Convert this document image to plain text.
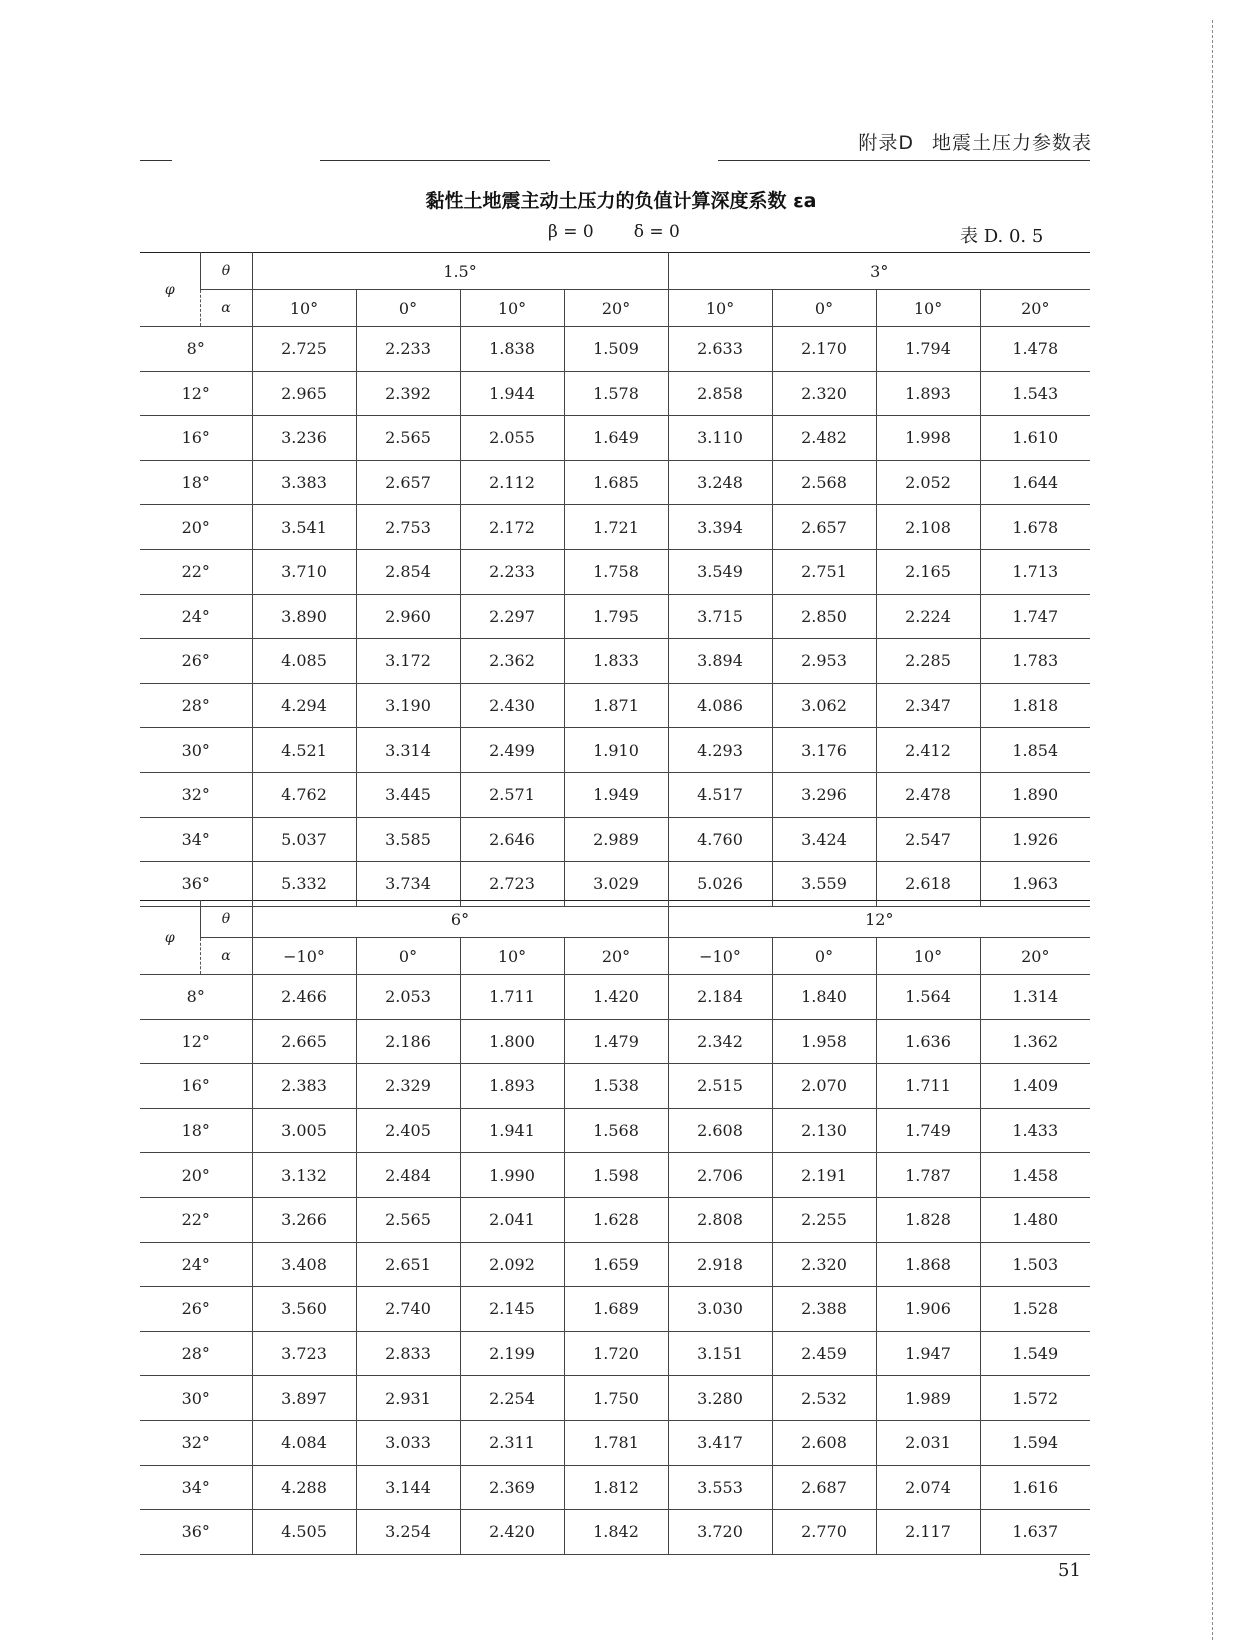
附录D 地震土压力参数表
黏性土地震主动土压力的负值计算深度系数 εa
β = 0 δ = 0	表 D. 0. 5
φ	θ	1.5°				3°			
	α	10°	0°	10°	20°	10°	0°	10°	20°
8°		2.725	2.233	1.838	1.509	2.633	2.170	1.794	1.478
12°		2.965	2.392	1.944	1.578	2.858	2.320	1.893	1.543
16°		3.236	2.565	2.055	1.649	3.110	2.482	1.998	1.610
18°		3.383	2.657	2.112	1.685	3.248	2.568	2.052	1.644
20°		3.541	2.753	2.172	1.721	3.394	2.657	2.108	1.678
22°		3.710	2.854	2.233	1.758	3.549	2.751	2.165	1.713
24°		3.890	2.960	2.297	1.795	3.715	2.850	2.224	1.747
26°		4.085	3.172	2.362	1.833	3.894	2.953	2.285	1.783
28°		4.294	3.190	2.430	1.871	4.086	3.062	2.347	1.818
30°		4.521	3.314	2.499	1.910	4.293	3.176	2.412	1.854
32°		4.762	3.445	2.571	1.949	4.517	3.296	2.478	1.890
34°		5.037	3.585	2.646	2.989	4.760	3.424	2.547	1.926
36°		5.332	3.734	2.723	3.029	5.026	3.559	2.618	1.963
φ	θ	6°				12°			
	α	−10°	0°	10°	20°	−10°	0°	10°	20°
8°		2.466	2.053	1.711	1.420	2.184	1.840	1.564	1.314
12°		2.665	2.186	1.800	1.479	2.342	1.958	1.636	1.362
16°		2.383	2.329	1.893	1.538	2.515	2.070	1.711	1.409
18°		3.005	2.405	1.941	1.568	2.608	2.130	1.749	1.433
20°		3.132	2.484	1.990	1.598	2.706	2.191	1.787	1.458
22°		3.266	2.565	2.041	1.628	2.808	2.255	1.828	1.480
24°		3.408	2.651	2.092	1.659	2.918	2.320	1.868	1.503
26°		3.560	2.740	2.145	1.689	3.030	2.388	1.906	1.528
28°		3.723	2.833	2.199	1.720	3.151	2.459	1.947	1.549
30°		3.897	2.931	2.254	1.750	3.280	2.532	1.989	1.572
32°		4.084	3.033	2.311	1.781	3.417	2.608	2.031	1.594
34°		4.288	3.144	2.369	1.812	3.553	2.687	2.074	1.616
36°		4.505	3.254	2.420	1.842	3.720	2.770	2.117	1.637
51
